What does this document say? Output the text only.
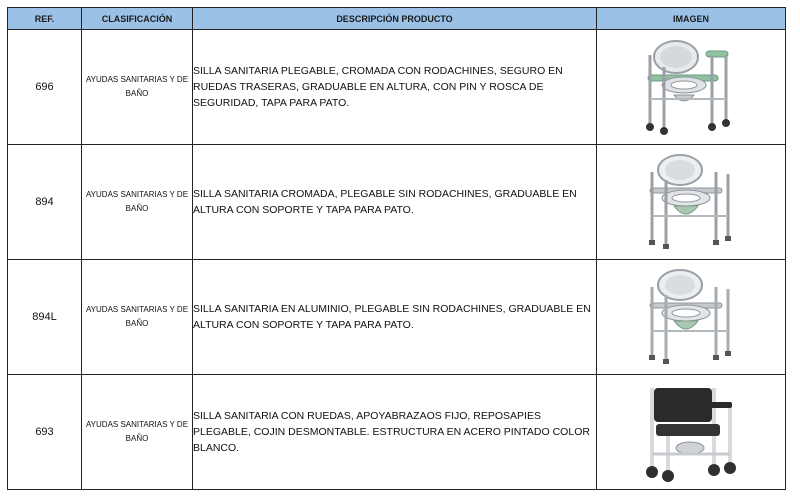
REF.	CLASIFICACIÓN	DESCRIPCIÓN PRODUCTO	IMAGEN
696	AYUDAS SANITARIAS Y DE BAÑO	SILLA SANITARIA PLEGABLE, CROMADA CON RODACHINES, SEGURO EN RUEDAS TRASERAS, GRADUABLE EN ALTURA, CON PIN Y ROSCA DE SEGURIDAD, TAPA PARA PATO.	

894	AYUDAS SANITARIAS Y DE BAÑO	SILLA SANITARIA CROMADA, PLEGABLE SIN RODACHINES, GRADUABLE EN ALTURA CON SOPORTE Y TAPA PARA PATO.	

894L	AYUDAS SANITARIAS Y DE BAÑO	SILLA SANITARIA EN ALUMINIO, PLEGABLE SIN RODACHINES, GRADUABLE EN ALTURA CON SOPORTE Y TAPA PARA PATO.	

693	AYUDAS SANITARIAS Y DE BAÑO	SILLA SANITARIA CON RUEDAS, APOYABRAZAOS FIJO, REPOSAPIES PLEGABLE, COJIN DESMONTABLE. ESTRUCTURA EN ACERO PINTADO COLOR BLANCO.	
